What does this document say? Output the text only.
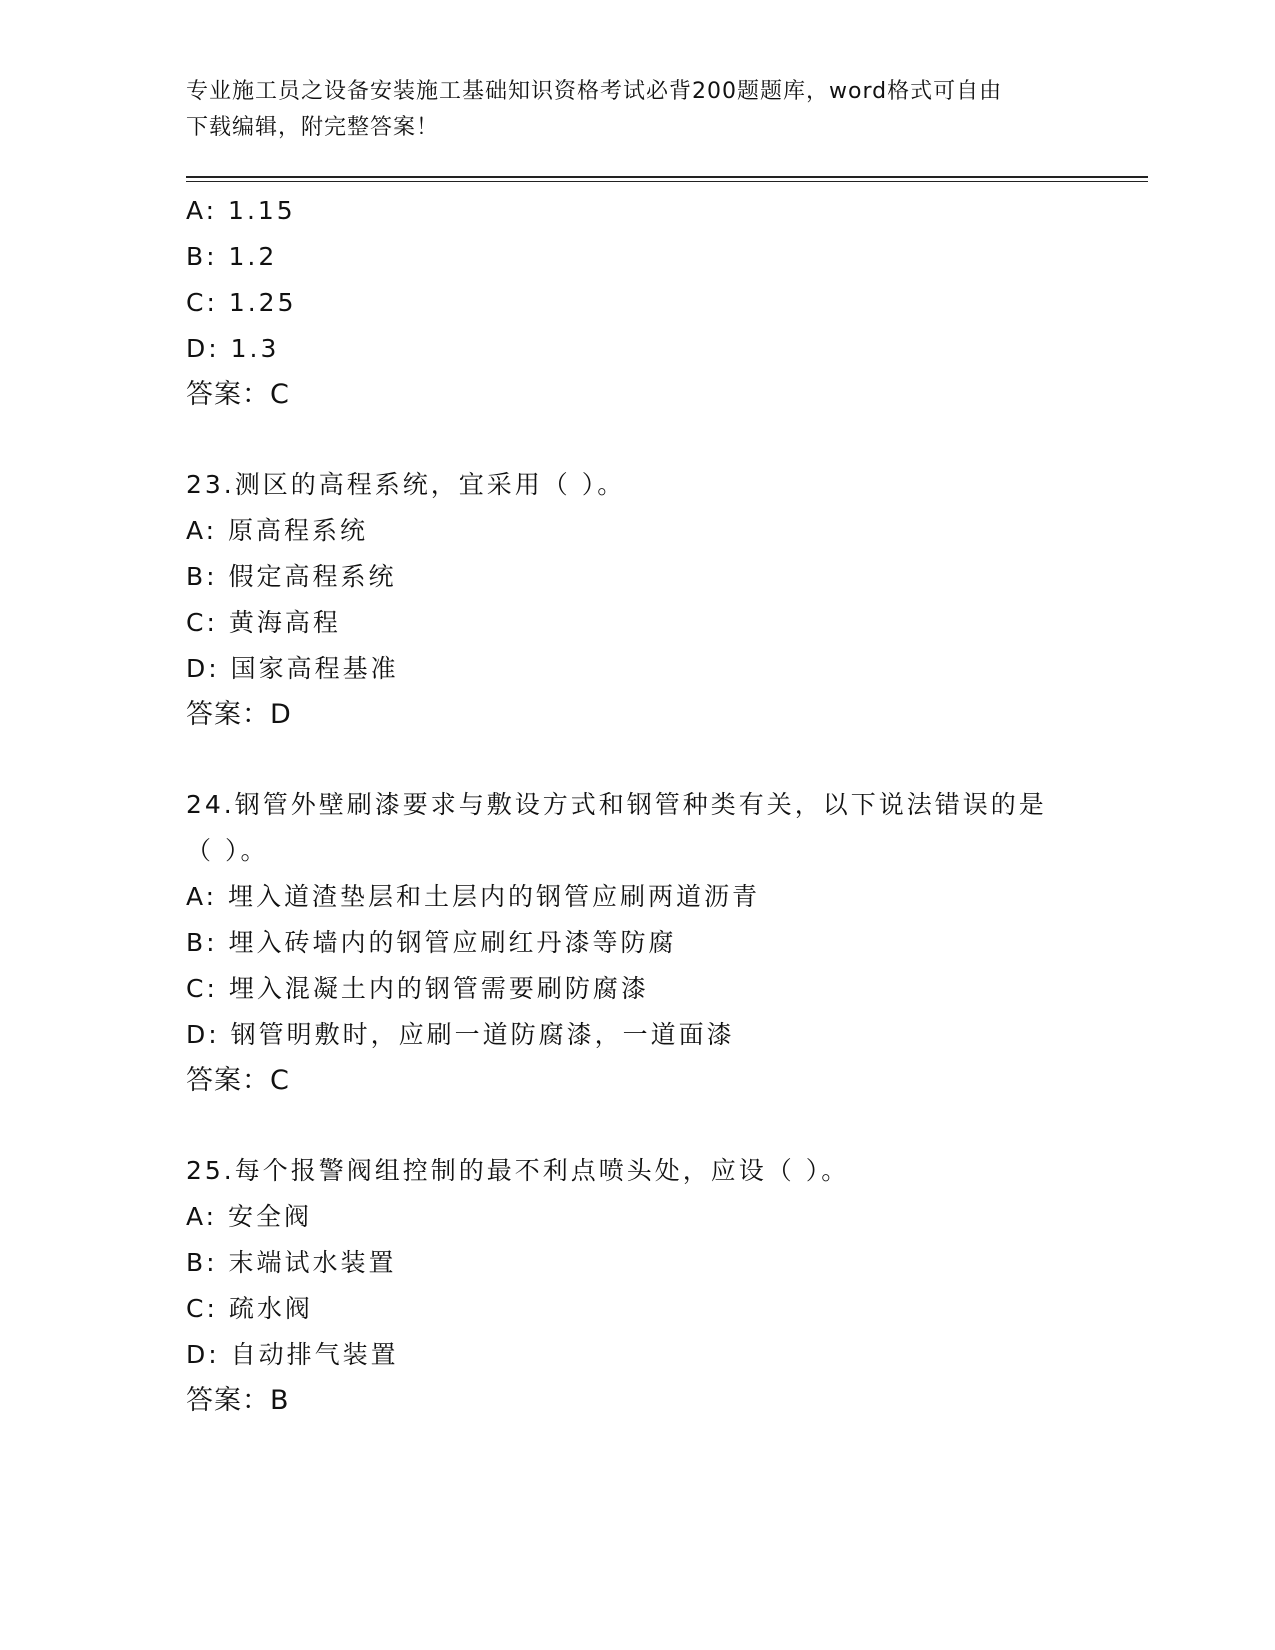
专业施工员之设备安装施工基础知识资格考试必背200题题库，word格式可自由
下载编辑，附完整答案！
A: 1.15
B: 1.2
C: 1.25
D: 1.3
答案：C
23.测区的高程系统，宜采用（ ）。
A: 原高程系统
B: 假定高程系统
C: 黄海高程
D: 国家高程基准
答案：D
24.钢管外壁刷漆要求与敷设方式和钢管种类有关，以下说法错误的是（ ）。
A: 埋入道渣垫层和土层内的钢管应刷两道沥青
B: 埋入砖墙内的钢管应刷红丹漆等防腐
C: 埋入混凝土内的钢管需要刷防腐漆
D: 钢管明敷时，应刷一道防腐漆，一道面漆
答案：C
25.每个报警阀组控制的最不利点喷头处，应设（ ）。
A: 安全阀
B: 末端试水装置
C: 疏水阀
D: 自动排气装置
答案：B
